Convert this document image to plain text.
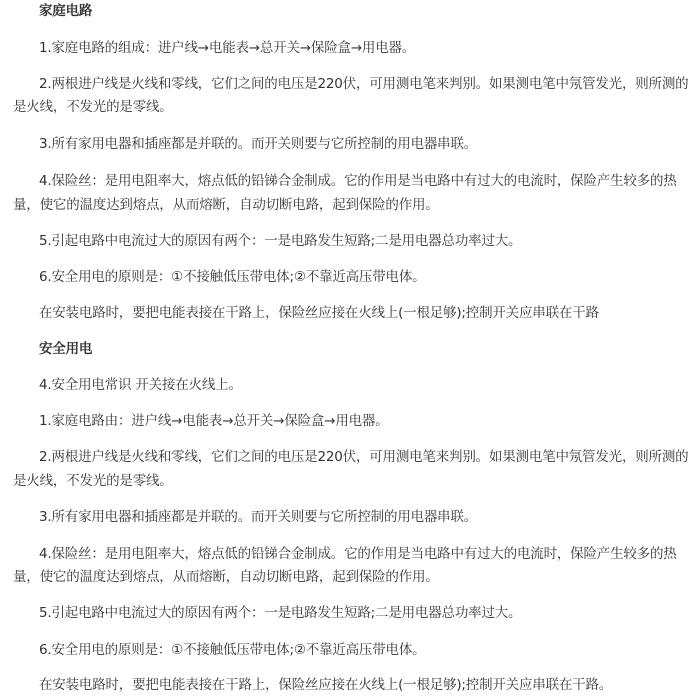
家庭电路
1.家庭电路的组成：进户线→电能表→总开关→保险盒→用电器。
2.两根进户线是火线和零线，它们之间的电压是220伏，可用测电笔来判别。如果测电笔中氖管发光，则所测的
是火线，不发光的是零线。
3.所有家用电器和插座都是并联的。而开关则要与它所控制的用电器串联。
4.保险丝：是用电阻率大，熔点低的铅锑合金制成。它的作用是当电路中有过大的电流时，保险产生较多的热
量，使它的温度达到熔点，从而熔断，自动切断电路，起到保险的作用。
5.引起电路中电流过大的原因有两个：一是电路发生短路;二是用电器总功率过大。
6.安全用电的原则是：①不接触低压带电体;②不靠近高压带电体。
在安装电路时，要把电能表接在干路上，保险丝应接在火线上(一根足够);控制开关应串联在干路
安全用电
4.安全用电常识 开关接在火线上。
1.家庭电路由：进户线→电能表→总开关→保险盒→用电器。
2.两根进户线是火线和零线，它们之间的电压是220伏，可用测电笔来判别。如果测电笔中氖管发光，则所测的
是火线，不发光的是零线。
3.所有家用电器和插座都是并联的。而开关则要与它所控制的用电器串联。
4.保险丝：是用电阻率大，熔点低的铅锑合金制成。它的作用是当电路中有过大的电流时，保险产生较多的热
量，使它的温度达到熔点，从而熔断，自动切断电路，起到保险的作用。
5.引起电路中电流过大的原因有两个：一是电路发生短路;二是用电器总功率过大。
6.安全用电的原则是：①不接触低压带电体;②不靠近高压带电体。
在安装电路时，要把电能表接在干路上，保险丝应接在火线上(一根足够);控制开关应串联在干路。
